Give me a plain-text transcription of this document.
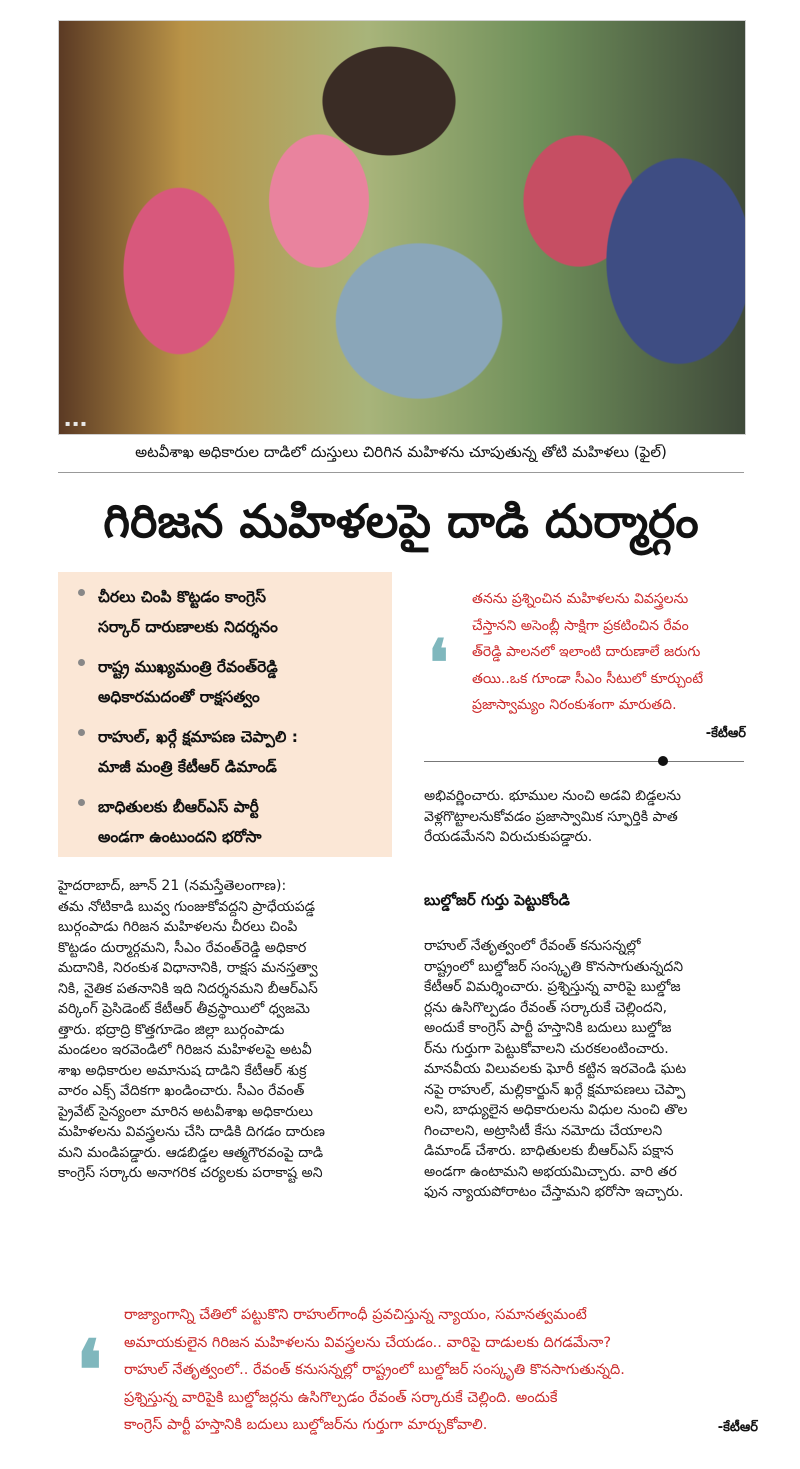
▪ ▪ ▪
అటవీశాఖ అధికారుల దాడిలో దుస్తులు చిరిగిన మహిళను చూపుతున్న తోటి మహిళలు (ఫైల్)
గిరిజన మహిళలపై దాడి దుర్మార్గం
చీరలు చింపి కొట్టడం కాంగ్రెస్
సర్కార్ దారుణాలకు నిదర్శనం
రాష్ట్ర ముఖ్యమంత్రి రేవంత్‌రెడ్డి
అధికారమదంతో రాక్షసత్వం
రాహుల్, ఖర్గే క్షమాపణ చెప్పాలి :
మాజీ మంత్రి కేటీఆర్ డిమాండ్
బాధితులకు బీఆర్‌ఎస్ పార్టీ
అండగా ఉంటుందని భరోసా
❛
తనను ప్రశ్నించిన మహిళలను వివస్త్రలను
చేస్తానని అసెంబ్లీ సాక్షిగా ప్రకటించిన రేవం
త్‌రెడ్డి పాలనలో ఇలాంటి దారుణాలే జరుగు
తయి..ఒక గూండా సీఎం సీటులో కూర్చుంటే
ప్రజాస్వామ్యం నిరంకుశంగా మారుతది.
-కేటీఆర్
అభివర్ణించారు. భూముల నుంచి అడవి బిడ్డలను
వెళ్లగొట్టాలనుకోవడం ప్రజాస్వామిక స్ఫూర్తికి పాత
రేయడమేనని విరుచుకుపడ్డారు.
బుల్డోజర్ గుర్తు పెట్టుకోండి
రాహుల్ నేతృత్వంలో రేవంత్ కనుసన్నల్లో
రాష్ట్రంలో బుల్డోజర్ సంస్కృతి కొనసాగుతున్నదని
కేటీఆర్ విమర్శించారు. ప్రశ్నిస్తున్న వారిపై బుల్డోజ
ర్లను ఉసిగొల్పడం రేవంత్ సర్కారుకే చెల్లిందని,
అందుకే కాంగ్రెస్ పార్టీ హస్తానికి బదులు బుల్డోజ
ర్‌ను గుర్తుగా పెట్టుకోవాలని చురకలంటించారు.
మానవీయ విలువలకు ఘోరీ కట్టిన ఇరవెండి ఘట
నపై రాహుల్, మల్లికార్జున్ ఖర్గే క్షమాపణలు చెప్పా
లని, బాధ్యులైన అధికారులను విధుల నుంచి తొల
గించాలని, అట్రాసిటీ కేసు నమోదు చేయాలని
డిమాండ్ చేశారు. బాధితులకు బీఆర్‌ఎస్ పక్షాన
అండగా ఉంటామని అభయమిచ్చారు. వారి తర
ఫున న్యాయపోరాటం చేస్తామని భరోసా ఇచ్చారు.
హైదరాబాద్, జూన్ 21 (నమస్తేతెలంగాణ):
తమ నోటికాడి బువ్వ గుంజుకోవద్దని ప్రాధేయపడ్డ
బుర్గంపాడు గిరిజన మహిళలను చీరలు చింపి
కొట్టడం దుర్మార్గమని, సీఎం రేవంత్‌రెడ్డి అధికార
మదానికి, నిరంకుశ విధానానికి, రాక్షస మనస్తత్వా
నికి, నైతిక పతనానికి ఇది నిదర్శనమని బీఆర్‌ఎస్
వర్కింగ్ ప్రెసిడెంట్ కేటీఆర్ తీవ్రస్థాయిలో ధ్వజమె
త్తారు. భద్రాద్రి కొత్తగూడెం జిల్లా బుర్గంపాడు
మండలం ఇరవెండిలో గిరిజన మహిళలపై అటవీ
శాఖ అధికారుల అమానుష దాడిని కేటీఆర్ శుక్ర
వారం ఎక్స్ వేదికగా ఖండించారు. సీఎం రేవంత్
ప్రైవేట్ సైన్యంలా మారిన అటవీశాఖ అధికారులు
మహిళలను వివస్త్రలను చేసి దాడికి దిగడం దారుణ
మని మండిపడ్డారు. ఆడబిడ్డల ఆత్మగౌరవంపై దాడి
కాంగ్రెస్ సర్కారు అనాగరిక చర్యలకు పరాకాష్ట అని
❛
రాజ్యాంగాన్ని చేతిలో పట్టుకొని రాహుల్‌గాంధీ ప్రవచిస్తున్న న్యాయం, సమానత్వమంటే
అమాయకులైన గిరిజన మహిళలను వివస్త్రలను చేయడం.. వారిపై దాడులకు దిగడమేనా?
రాహుల్ నేతృత్వంలో.. రేవంత్ కనుసన్నల్లో రాష్ట్రంలో బుల్డోజర్ సంస్కృతి కొనసాగుతున్నది.
ప్రశ్నిస్తున్న వారిపైకి బుల్డోజర్లను ఉసిగొల్పడం రేవంత్ సర్కారుకే చెల్లింది. అందుకే
కాంగ్రెస్ పార్టీ హస్తానికి బదులు బుల్డోజర్‌ను గుర్తుగా మార్చుకోవాలి.	-కేటీఆర్
